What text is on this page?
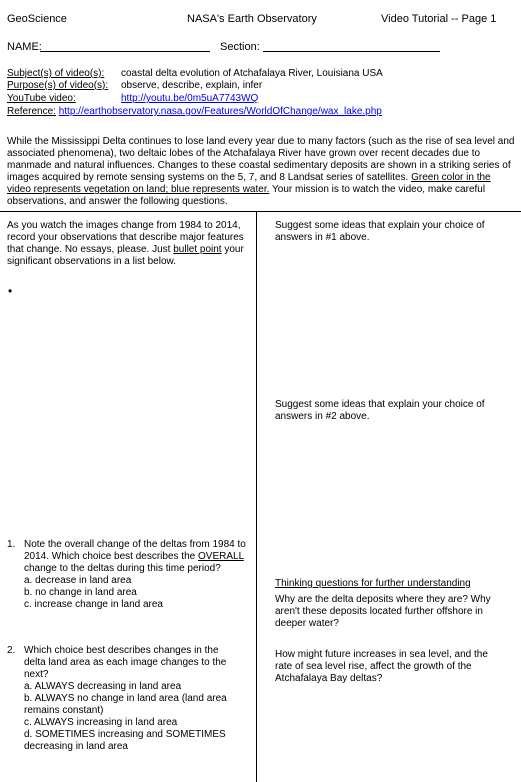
GeoScience	NASA's Earth Observatory	Video Tutorial -- Page 1
NAME:	Section:
Subject(s) of video(s): coastal delta evolution of Atchafalaya River, Louisiana USA
Purpose(s) of video(s): observe, describe, explain, infer
YouTube video:	http://youtu.be/0m5uA7743WQ
Reference: http://earthobservatory.nasa.gov/Features/WorldOfChange/wax_lake.php
While the Mississippi Delta continues to lose land every year due to many factors (such as the rise of sea level and associated phenomena), two deltaic lobes of the Atchafalaya River have grown over recent decades due to manmade and natural influences. Changes to these coastal sedimentary deposits are shown in a striking series of images acquired by remote sensing systems on the 5, 7, and 8 Landsat series of satellites. Green color in the video represents vegetation on land; blue represents water. Your mission is to watch the video, make careful observations, and answer the following questions.
As you watch the images change from 1984 to 2014, record your observations that describe major features that change. No essays, please. Just bullet point your significant observations in a list below.
•
1. Note the overall change of the deltas from 1984 to 2014. Which choice best describes the OVERALL change to the deltas during this time period?
a. decrease in land area
b. no change in land area
c. increase change in land area
2. Which choice best describes changes in the delta land area as each image changes to the next?
a. ALWAYS decreasing in land area
b. ALWAYS no change in land area (land area remains constant)
c. ALWAYS increasing in land area
d. SOMETIMES increasing and SOMETIMES decreasing in land area
Suggest some ideas that explain your choice of answers in #1 above.
Suggest some ideas that explain your choice of answers in #2 above.
Thinking questions for further understanding
Why are the delta deposits where they are? Why aren't these deposits located further offshore in deeper water?
How might future increases in sea level, and the rate of sea level rise, affect the growth of the Atchafalaya Bay deltas?
